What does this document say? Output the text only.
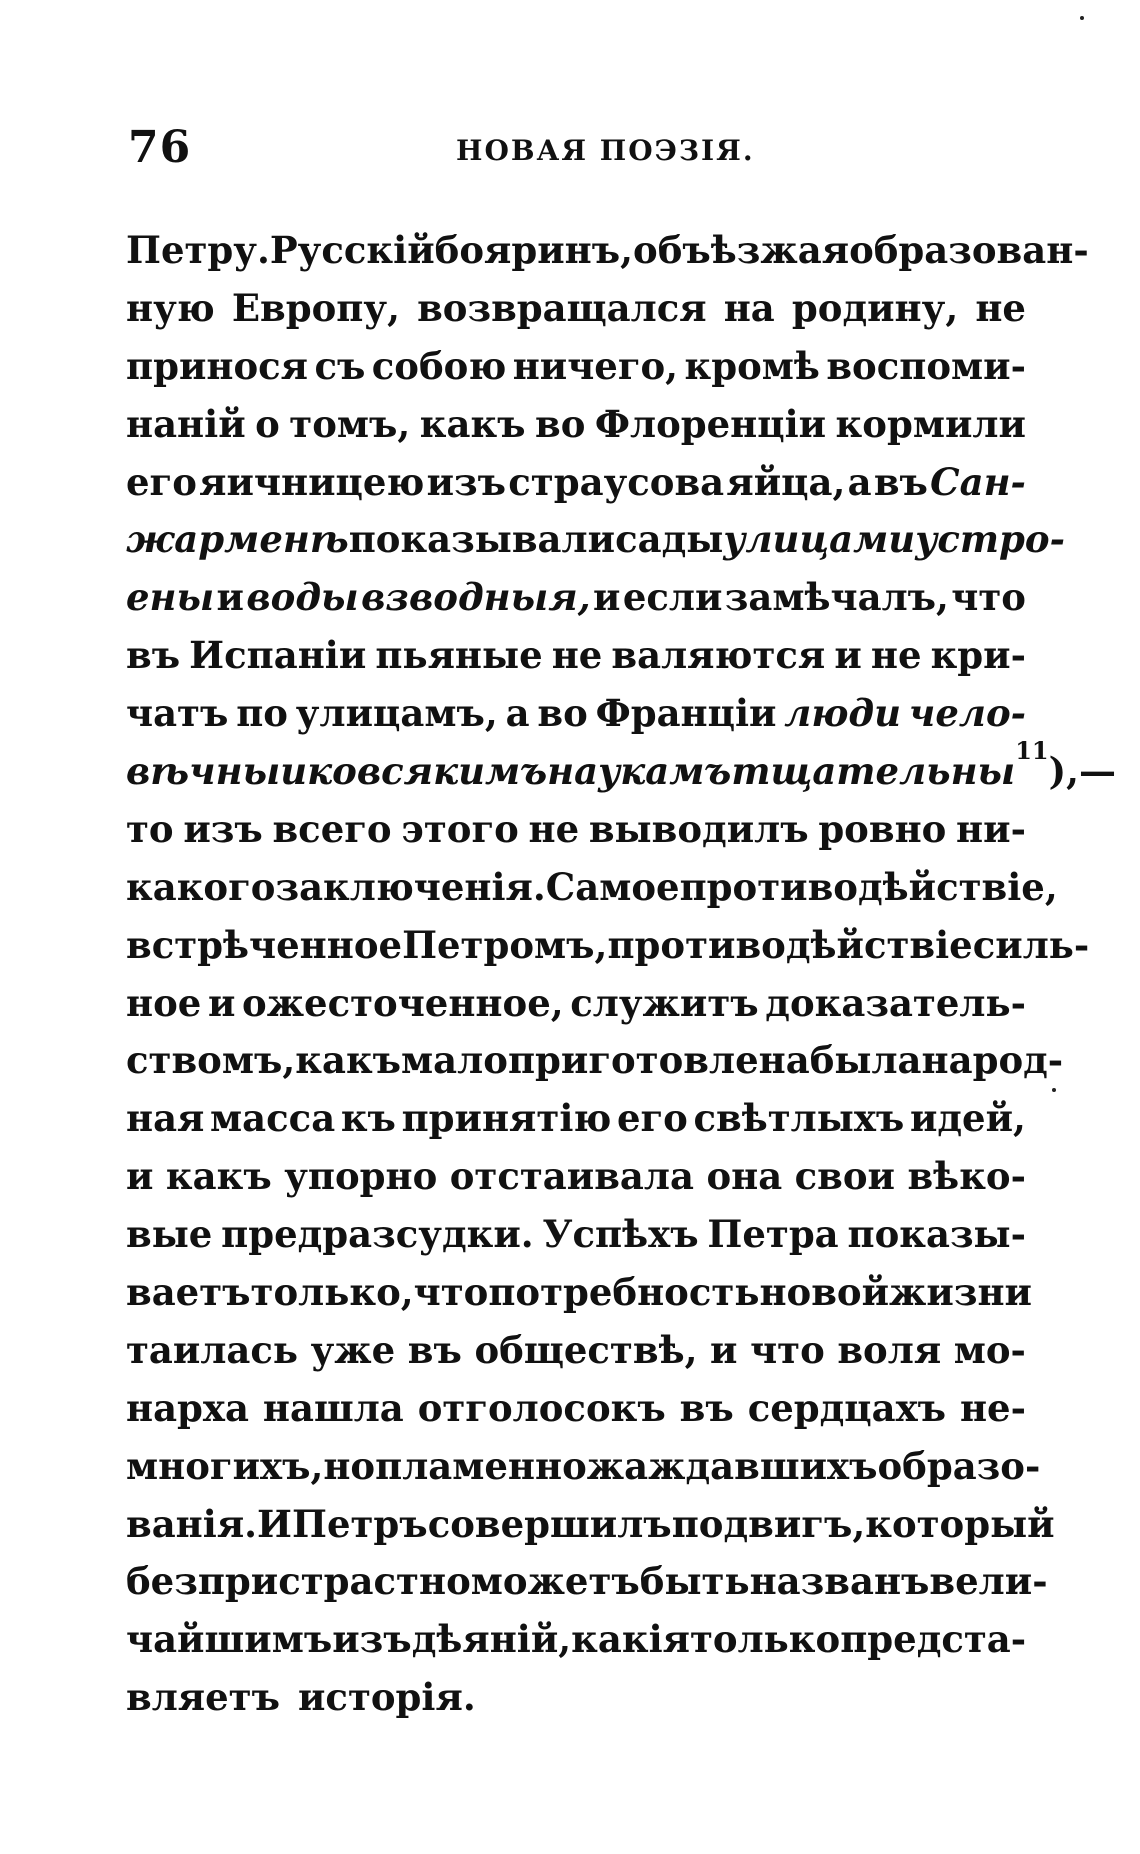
76	НОВАЯ ПОЭЗІЯ.
Петру. Русскій бояринъ, объѣзжая образован-
ную Европу, возвращался на родину, не
принося съ собою ничего, кромѣ воспоми-
наній о томъ, какъ во Флоренціи кормили
его яичницею изъ страусова яйца, а въ Сан-
жарменѣ показывали сады улицами устро-
ены и воды взводныя, и если замѣчалъ, что
въ Испаніи пьяные не валяются и не кри-
чатъ по улицамъ, а во Франціи люди чело-
вѣчны и ко всякимъ наукамъ тщательны $^{11}$),—
то изъ всего этого не выводилъ ровно ни-
какого заключенія. Самое противодѣйствіе,
встрѣченное Петромъ, противодѣйствіе силь-
ное и ожесточенное, служитъ доказатель-
ствомъ, какъ мало приготовлена была народ-
ная масса къ принятію его свѣтлыхъ идей,
и какъ упорно отстаивала она свои вѣко-
вые предразсудки. Успѣхъ Петра показы-
ваетъ только, что потребность новой жизни
таилась уже въ обществѣ, и что воля мо-
нарха нашла отголосокъ въ сердцахъ не-
многихъ, но пламенно жаждавшихъ образо-
ванія. И Петръ совершилъ подвигъ, который
безпристрастно можетъ быть названъ вели-
чайшимъ изъ дѣяній, какія только предста-
вляетъ исторія.
